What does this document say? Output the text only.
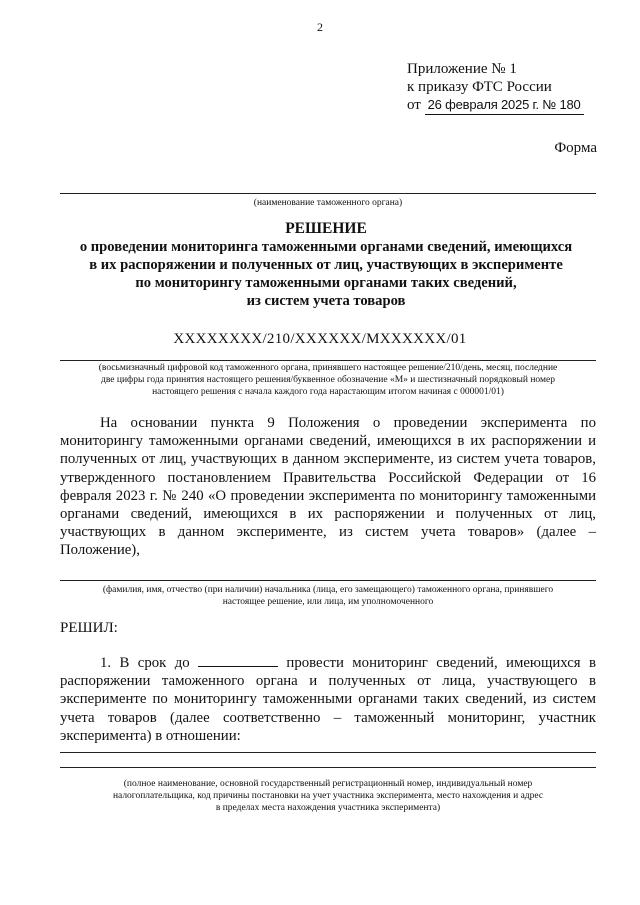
2
Приложение № 1
к приказу ФТС России
от 26 февраля 2025 г. № 180
Форма
(наименование таможенного органа)
РЕШЕНИЕ
о проведении мониторинга таможенными органами сведений, имеющихся
в их распоряжении и полученных от лиц, участвующих в эксперименте
по мониторингу таможенными органами таких сведений,
из систем учета товаров
XXXXXXXX/210/XXXXXX/MXXXXXX/01
(восьмизначный цифровой код таможенного органа, принявшего настоящее решение/210/день, месяц, последние
две цифры года принятия настоящего решения/буквенное обозначение «М» и шестизначный порядковый номер
настоящего решения с начала каждого года нарастающим итогом начиная с 000001/01)
На основании пункта 9 Положения о проведении эксперимента по мониторингу таможенными органами сведений, имеющихся в их распоряжении и полученных от лиц, участвующих в данном эксперименте, из систем учета товаров, утвержденного постановлением Правительства Российской Федерации от 16 февраля 2023 г. № 240 «О проведении эксперимента по мониторингу таможенными органами сведений, имеющихся в их распоряжении и полученных от лиц, участвующих в данном эксперименте, из систем учета товаров» (далее – Положение),
(фамилия, имя, отчество (при наличии) начальника (лица, его замещающего) таможенного органа, принявшего
настоящее решение, или лица, им уполномоченного
РЕШИЛ:
1. В срок до	провести мониторинг сведений, имеющихся в распоряжении таможенного органа и полученных от лица, участвующего в эксперименте по мониторингу таможенными органами таких сведений, из систем учета товаров (далее соответственно – таможенный мониторинг, участник эксперимента) в отношении:
(полное наименование, основной государственный регистрационный номер, индивидуальный номер
налогоплательщика, код причины постановки на учет участника эксперимента, место нахождения и адрес
в пределах места нахождения участника эксперимента)
